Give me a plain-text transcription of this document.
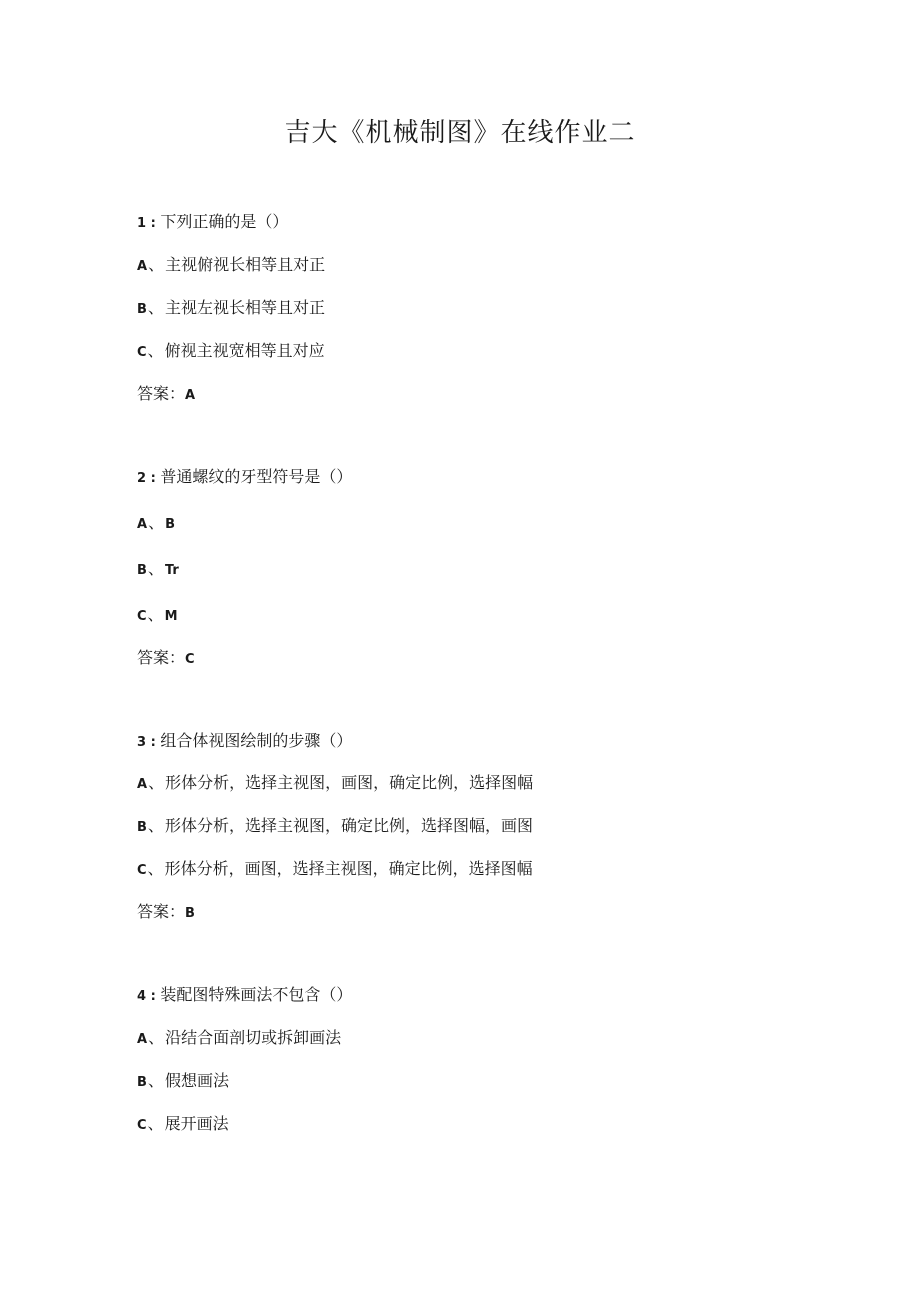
吉大《机械制图》在线作业二
1 : 下列正确的是（）
A、主视俯视长相等且对正
B、主视左视长相等且对正
C、俯视主视宽相等且对应
答案：A
2 : 普通螺纹的牙型符号是（）
A、B
B、Tr
C、M
答案：C
3 : 组合体视图绘制的步骤（）
A、形体分析，选择主视图，画图，确定比例，选择图幅
B、形体分析，选择主视图，确定比例，选择图幅，画图
C、形体分析，画图，选择主视图，确定比例，选择图幅
答案：B
4 : 装配图特殊画法不包含（）
A、沿结合面剖切或拆卸画法
B、假想画法
C、展开画法
